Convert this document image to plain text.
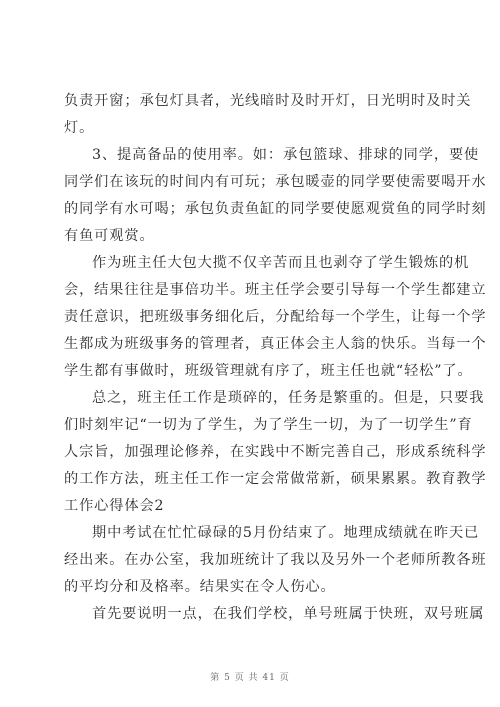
负责开窗；承包灯具者，光线暗时及时开灯，日光明时及时关
灯。
3、提高备品的使用率。如：承包篮球、排球的同学，要使
同学们在该玩的时间内有可玩；承包暖壶的同学要使需要喝开水
的同学有水可喝；承包负责鱼缸的同学要使愿观赏鱼的同学时刻
有鱼可观赏。
作为班主任大包大揽不仅辛苦而且也剥夺了学生锻炼的机
会，结果往往是事倍功半。班主任学会要引导每一个学生都建立
责任意识，把班级事务细化后，分配给每一个学生，让每一个学
生都成为班级事务的管理者，真正体会主人翁的快乐。当每一个
学生都有事做时，班级管理就有序了，班主任也就“轻松”了。
总之，班主任工作是琐碎的，任务是繁重的。但是，只要我
们时刻牢记“一切为了学生，为了学生一切，为了一切学生”育
人宗旨，加强理论修养，在实践中不断完善自己，形成系统科学
的工作方法，班主任工作一定会常做常新，硕果累累。教育教学
工作心得体会2
期中考试在忙忙碌碌的5月份结束了。地理成绩就在昨天已
经出来。在办公室，我加班统计了我以及另外一个老师所教各班
的平均分和及格率。结果实在令人伤心。
首先要说明一点，在我们学校，单号班属于快班，双号班属
第 5 页 共 41 页
